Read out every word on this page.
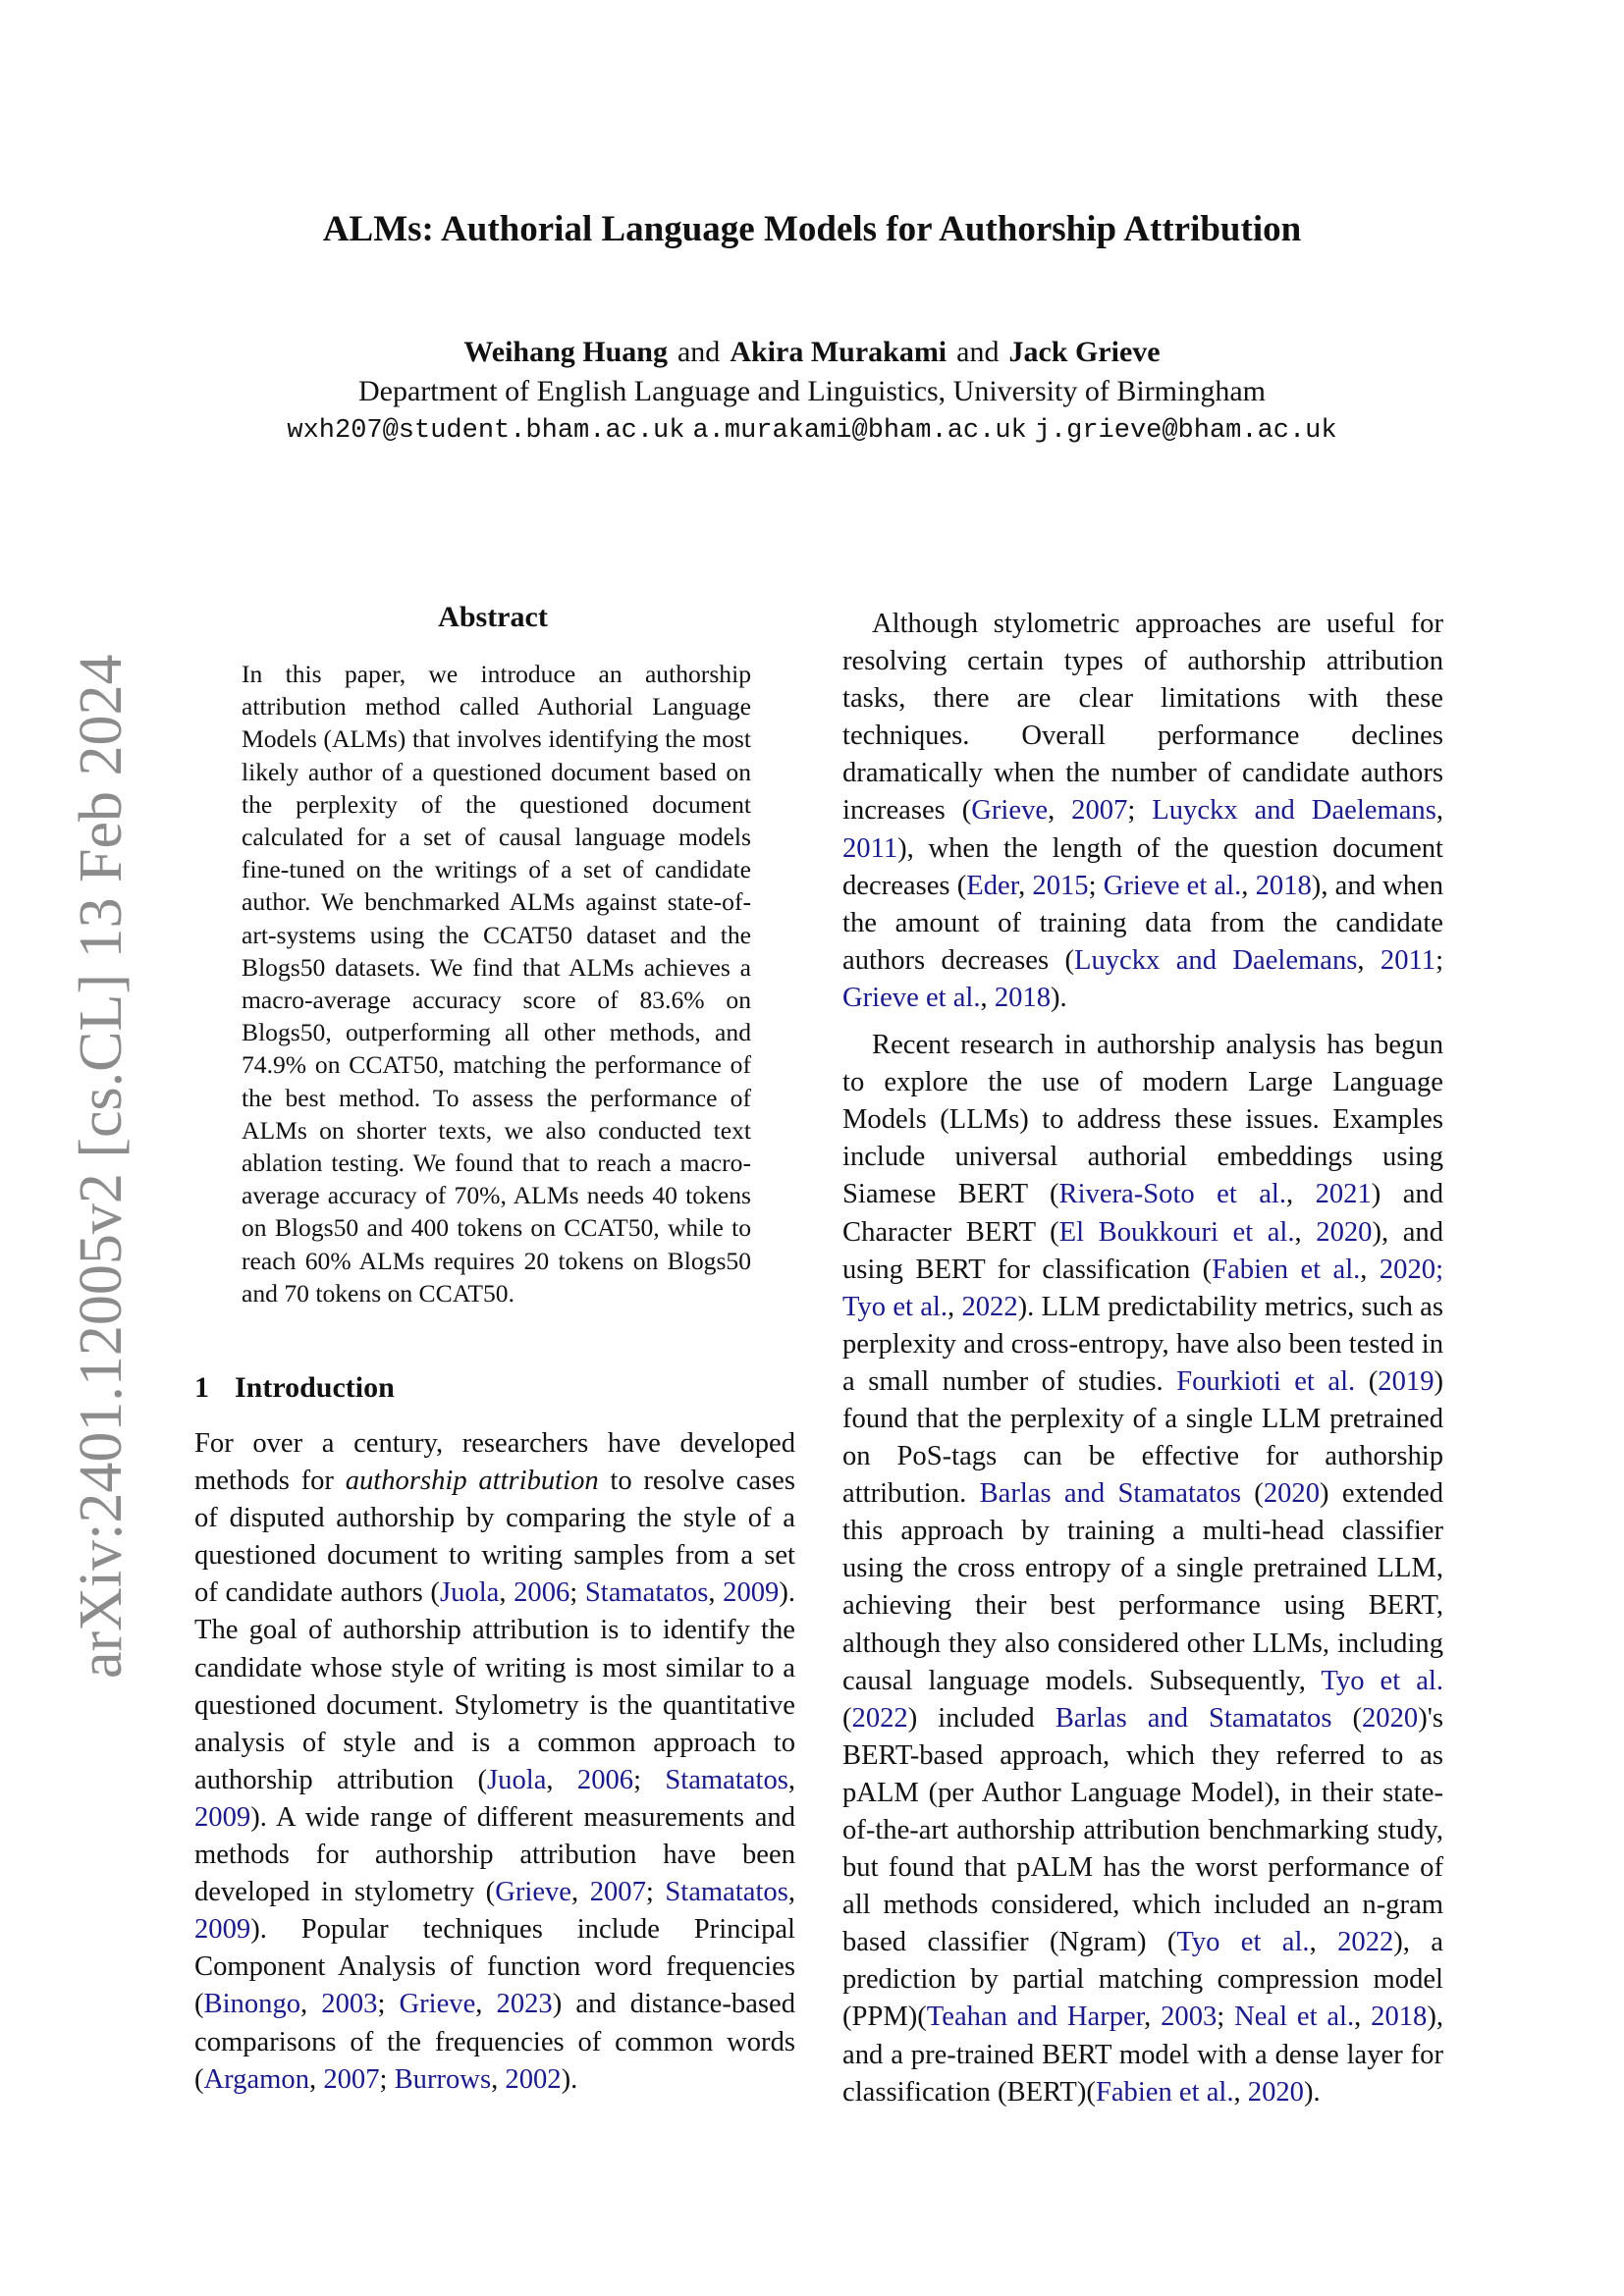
arXiv:2401.12005v2 [cs.CL] 13 Feb 2024
ALMs: Authorial Language Models for Authorship Attribution
Weihang Huang and Akira Murakami and Jack Grieve
Department of English Language and Linguistics, University of Birmingham
wxh207@student.bham.ac.uk a.murakami@bham.ac.uk j.grieve@bham.ac.uk
Abstract
In this paper, we introduce an authorship attribution method called Authorial Language Models (ALMs) that involves identifying the most likely author of a questioned document based on the perplexity of the questioned document calculated for a set of causal language models fine-tuned on the writings of a set of candidate author. We benchmarked ALMs against state-of-art-systems using the CCAT50 dataset and the Blogs50 datasets. We find that ALMs achieves a macro-average accuracy score of 83.6% on Blogs50, outperforming all other methods, and 74.9% on CCAT50, matching the performance of the best method. To assess the performance of ALMs on shorter texts, we also conducted text ablation testing. We found that to reach a macro-average accuracy of 70%, ALMs needs 40 tokens on Blogs50 and 400 tokens on CCAT50, while to reach 60% ALMs requires 20 tokens on Blogs50 and 70 tokens on CCAT50.
1 Introduction

For over a century, researchers have developed methods for authorship attribution to resolve cases of disputed authorship by comparing the style of a questioned document to writing samples from a set of candidate authors (Juola, 2006; Stamatatos, 2009). The goal of authorship attribution is to identify the candidate whose style of writing is most similar to a questioned document. Stylometry is the quantitative analysis of style and is a common approach to authorship attribution (Juola, 2006; Stamatatos, 2009). A wide range of different measurements and methods for authorship attribution have been developed in stylometry (Grieve, 2007; Stamatatos, 2009). Popular techniques include Principal Component Analysis of function word frequencies (Binongo, 2003; Grieve, 2023) and distance-based comparisons of the frequencies of common words (Argamon, 2007; Burrows, 2002).

Although stylometric approaches are useful for resolving certain types of authorship attribution tasks, there are clear limitations with these techniques. Overall performance declines dramatically when the number of candidate authors increases (Grieve, 2007; Luyckx and Daelemans, 2011), when the length of the question document decreases (Eder, 2015; Grieve et al., 2018), and when the amount of training data from the candidate authors decreases (Luyckx and Daelemans, 2011; Grieve et al., 2018).

Recent research in authorship analysis has begun to explore the use of modern Large Language Models (LLMs) to address these issues. Examples include universal authorial embeddings using Siamese BERT (Rivera-Soto et al., 2021) and Character BERT (El Boukkouri et al., 2020), and using BERT for classification (Fabien et al., 2020; Tyo et al., 2022). LLM predictability metrics, such as perplexity and cross-entropy, have also been tested in a small number of studies. Fourkioti et al. (2019) found that the perplexity of a single LLM pretrained on PoS-tags can be effective for authorship attribution. Barlas and Stamatatos (2020) extended this approach by training a multi-head classifier using the cross entropy of a single pretrained LLM, achieving their best performance using BERT, although they also considered other LLMs, including causal language models. Subsequently, Tyo et al. (2022) included Barlas and Stamatatos (2020)'s BERT-based approach, which they referred to as pALM (per Author Language Model), in their state-of-the-art authorship attribution benchmarking study, but found that pALM has the worst performance of all methods considered, which included an n-gram based classifier (Ngram) (Tyo et al., 2022), a prediction by partial matching compression model (PPM)(Teahan and Harper, 2003; Neal et al., 2018), and a pre-trained BERT model with a dense layer for classification (BERT)(Fabien et al., 2020).
